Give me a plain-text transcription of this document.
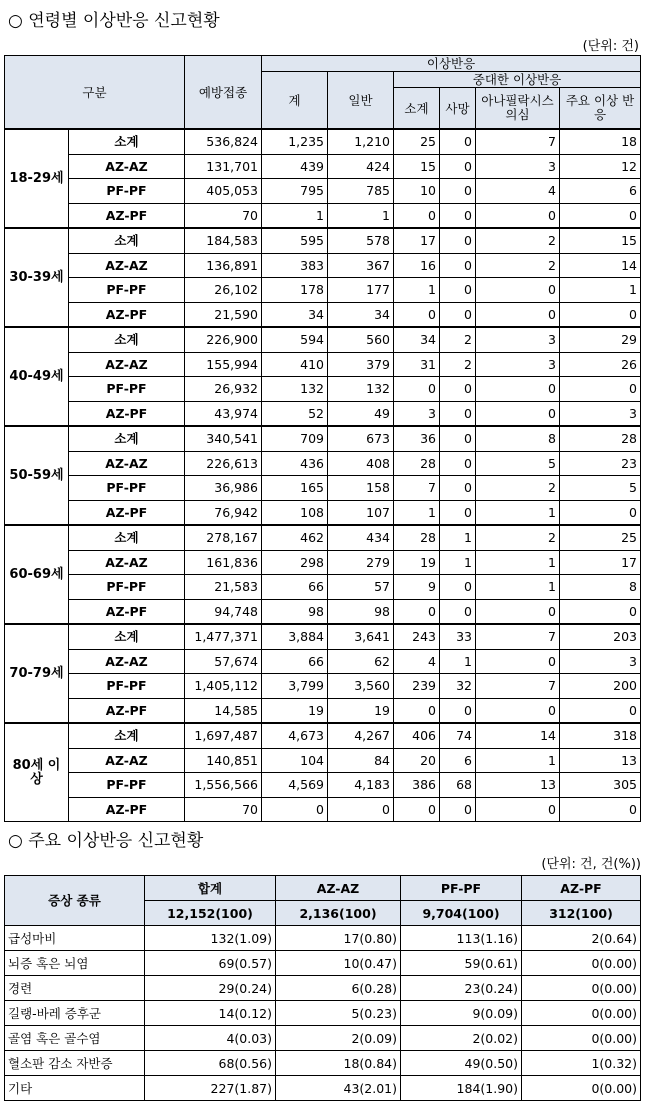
○ 연령별 이상반응 신고현황
(단위: 건)
구분		예방접종	이상반응					
			계	일반	중대한 이상반응			
					소계	사망	아나필락시스 의심	주요 이상 반응
18-29세	소계	536,824	1,235	1,210	25	0	7	18
	AZ-AZ	131,701	439	424	15	0	3	12
	PF-PF	405,053	795	785	10	0	4	6
	AZ-PF	70	1	1	0	0	0	0
30-39세	소계	184,583	595	578	17	0	2	15
	AZ-AZ	136,891	383	367	16	0	2	14
	PF-PF	26,102	178	177	1	0	0	1
	AZ-PF	21,590	34	34	0	0	0	0
40-49세	소계	226,900	594	560	34	2	3	29
	AZ-AZ	155,994	410	379	31	2	3	26
	PF-PF	26,932	132	132	0	0	0	0
	AZ-PF	43,974	52	49	3	0	0	3
50-59세	소계	340,541	709	673	36	0	8	28
	AZ-AZ	226,613	436	408	28	0	5	23
	PF-PF	36,986	165	158	7	0	2	5
	AZ-PF	76,942	108	107	1	0	1	0
60-69세	소계	278,167	462	434	28	1	2	25
	AZ-AZ	161,836	298	279	19	1	1	17
	PF-PF	21,583	66	57	9	0	1	8
	AZ-PF	94,748	98	98	0	0	0	0
70-79세	소계	1,477,371	3,884	3,641	243	33	7	203
	AZ-AZ	57,674	66	62	4	1	0	3
	PF-PF	1,405,112	3,799	3,560	239	32	7	200
	AZ-PF	14,585	19	19	0	0	0	0
80세 이상	소계	1,697,487	4,673	4,267	406	74	14	318
	AZ-AZ	140,851	104	84	20	6	1	13
	PF-PF	1,556,566	4,569	4,183	386	68	13	305
	AZ-PF	70	0	0	0	0	0	0
○ 주요 이상반응 신고현황
(단위: 건, 건(%))
증상 종류	합계	AZ-AZ	PF-PF	AZ-PF
	12,152(100)	2,136(100)	9,704(100)	312(100)
급성마비	132(1.09)	17(0.80)	113(1.16)	2(0.64)
뇌증 혹은 뇌염	69(0.57)	10(0.47)	59(0.61)	0(0.00)
경련	29(0.24)	6(0.28)	23(0.24)	0(0.00)
길랭-바레 증후군	14(0.12)	5(0.23)	9(0.09)	0(0.00)
골염 혹은 골수염	4(0.03)	2(0.09)	2(0.02)	0(0.00)
혈소판 감소 자반증	68(0.56)	18(0.84)	49(0.50)	1(0.32)
기타	227(1.87)	43(2.01)	184(1.90)	0(0.00)
